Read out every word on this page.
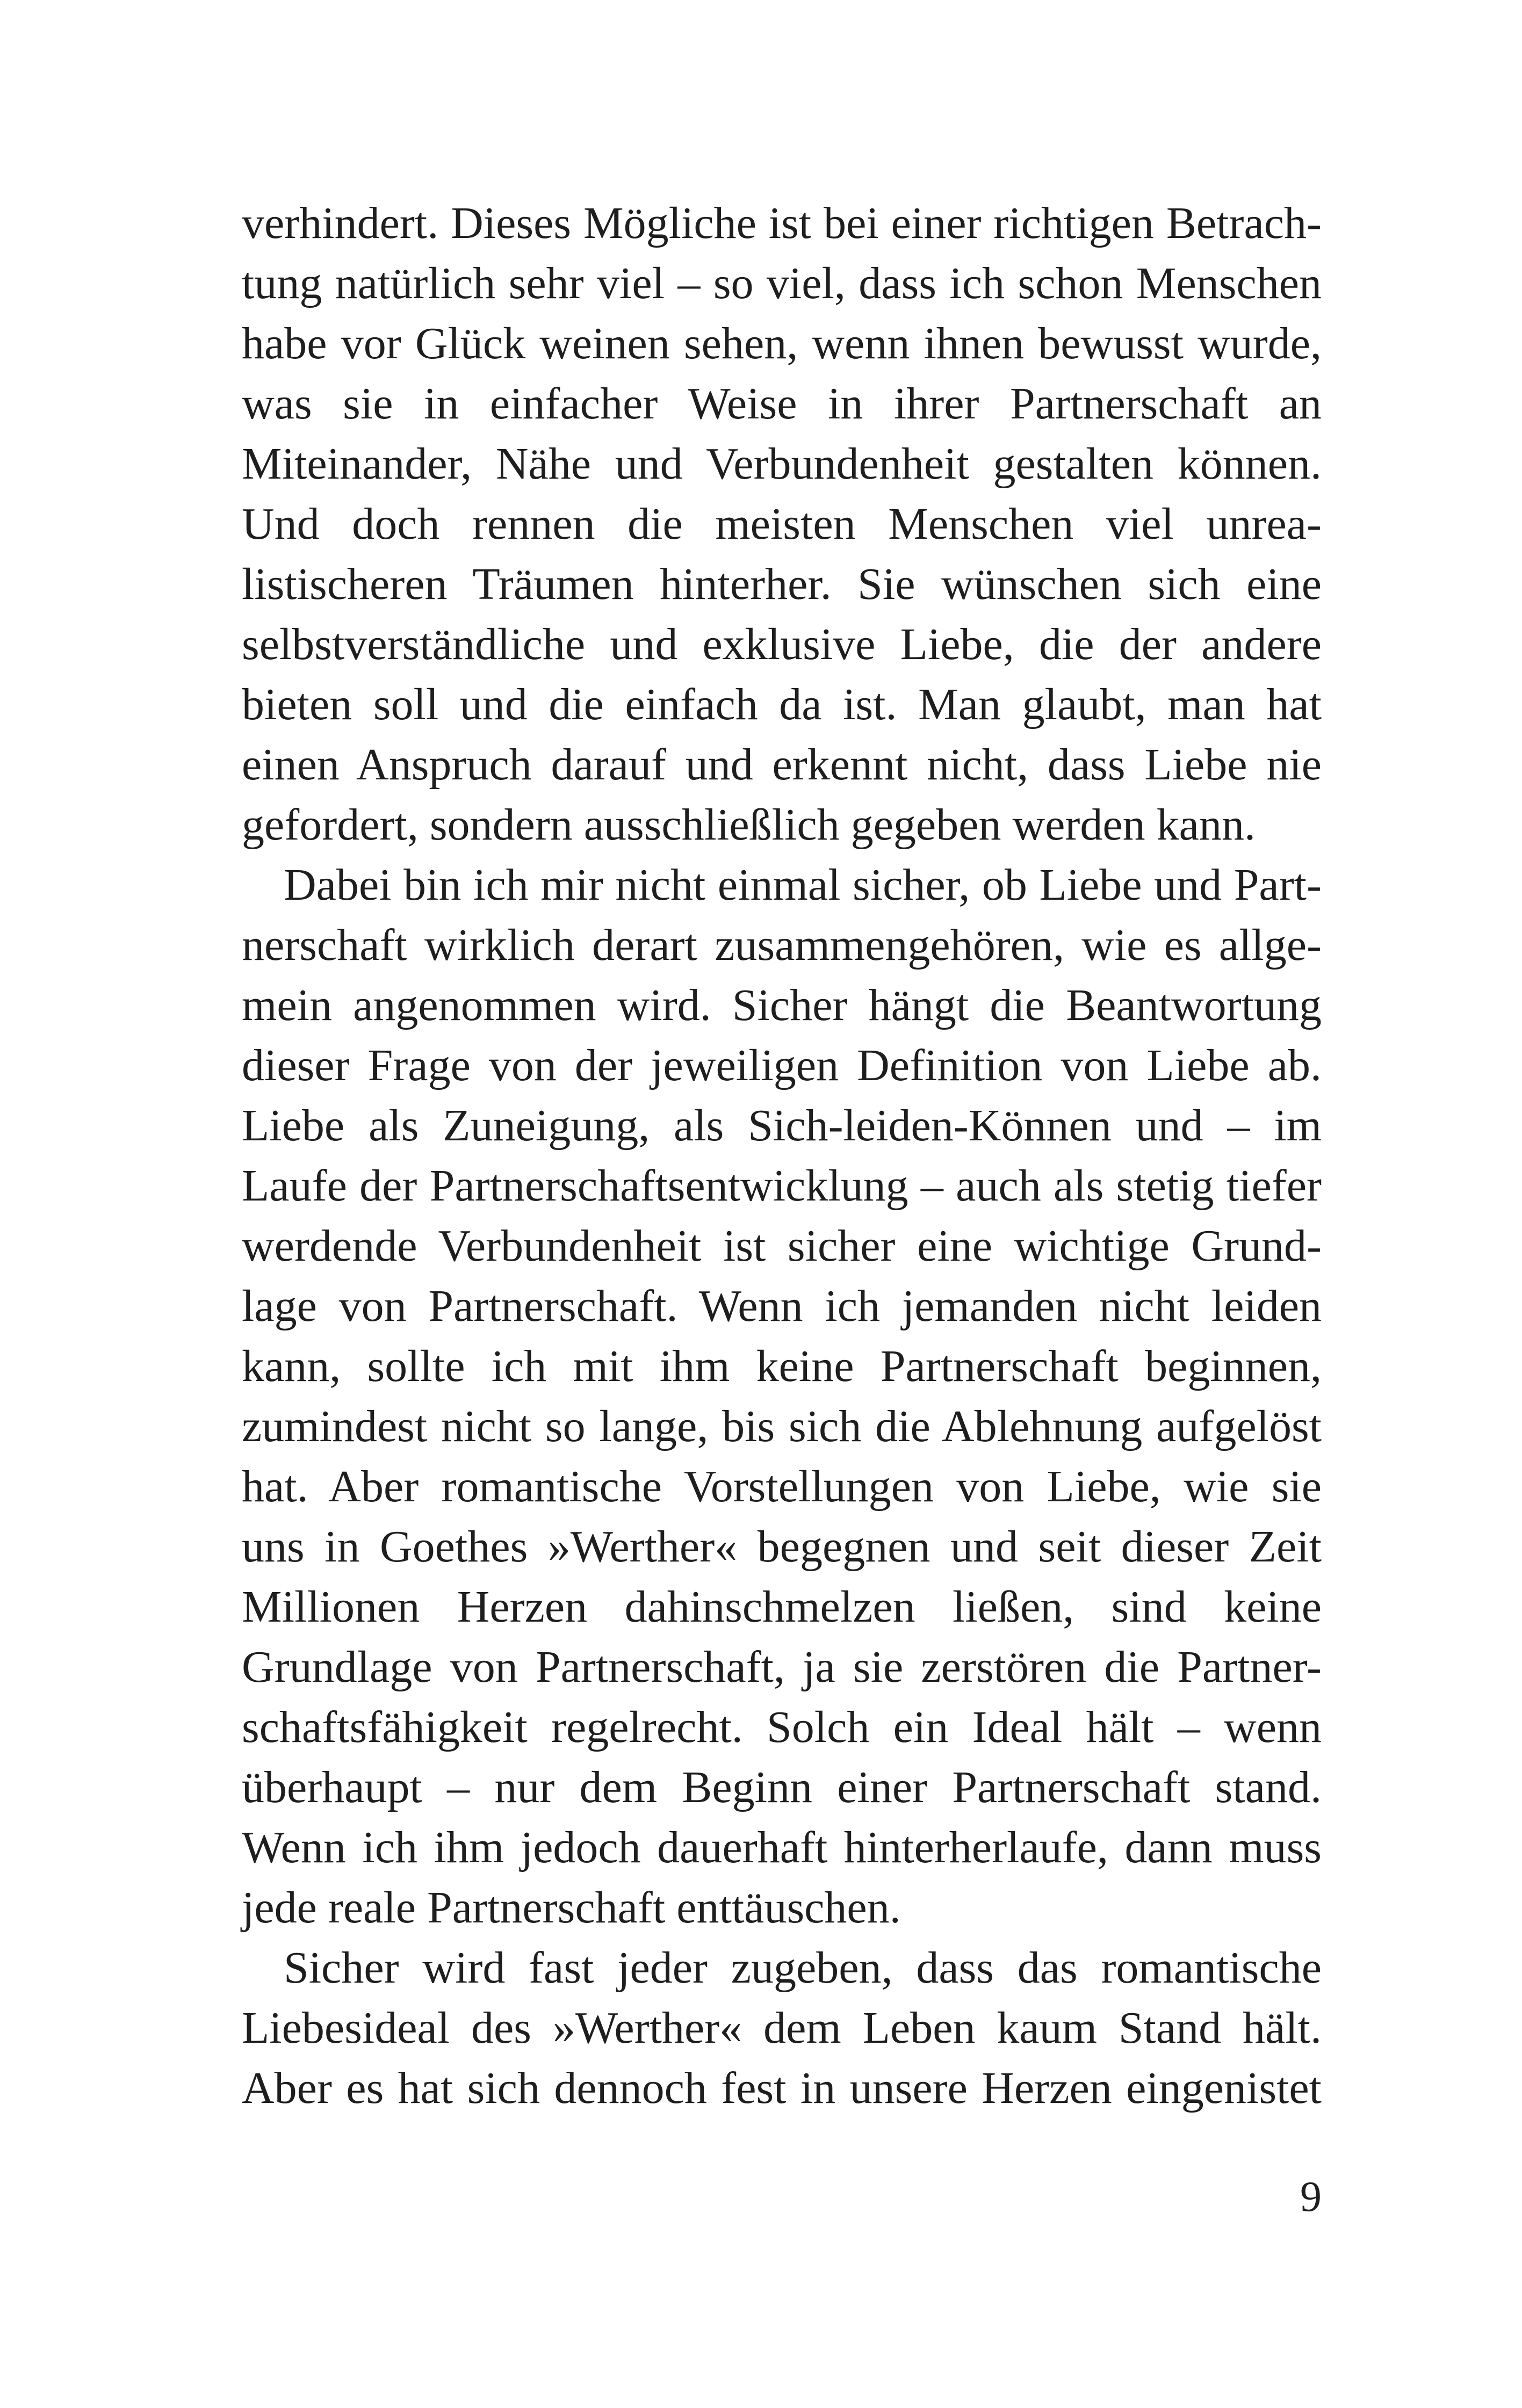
verhindert. Dieses Mögliche ist bei einer richtigen Betrach-
tung natürlich sehr viel – so viel, dass ich schon Menschen
habe vor Glück weinen sehen, wenn ihnen bewusst wurde,
was sie in einfacher Weise in ihrer Partnerschaft an
Miteinander, Nähe und Verbundenheit gestalten können.
Und doch rennen die meisten Menschen viel unrea-
listischeren Träumen hinterher. Sie wünschen sich eine
selbstverständliche und exklusive Liebe, die der andere
bieten soll und die einfach da ist. Man glaubt, man hat
einen Anspruch darauf und erkennt nicht, dass Liebe nie
gefordert, sondern ausschließlich gegeben werden kann.
Dabei bin ich mir nicht einmal sicher, ob Liebe und Part-
nerschaft wirklich derart zusammengehören, wie es allge-
mein angenommen wird. Sicher hängt die Beantwortung
dieser Frage von der jeweiligen Definition von Liebe ab.
Liebe als Zuneigung, als Sich-leiden-Können und – im
Laufe der Partnerschaftsentwicklung – auch als stetig tiefer
werdende Verbundenheit ist sicher eine wichtige Grund-
lage von Partnerschaft. Wenn ich jemanden nicht leiden
kann, sollte ich mit ihm keine Partnerschaft beginnen,
zumindest nicht so lange, bis sich die Ablehnung aufgelöst
hat. Aber romantische Vorstellungen von Liebe, wie sie
uns in Goethes »Werther« begegnen und seit dieser Zeit
Millionen Herzen dahinschmelzen ließen, sind keine
Grundlage von Partnerschaft, ja sie zerstören die Partner-
schaftsfähigkeit regelrecht. Solch ein Ideal hält – wenn
überhaupt – nur dem Beginn einer Partnerschaft stand.
Wenn ich ihm jedoch dauerhaft hinterherlaufe, dann muss
jede reale Partnerschaft enttäuschen.
Sicher wird fast jeder zugeben, dass das romantische
Liebesideal des »Werther« dem Leben kaum Stand hält.
Aber es hat sich dennoch fest in unsere Herzen eingenistet
9
